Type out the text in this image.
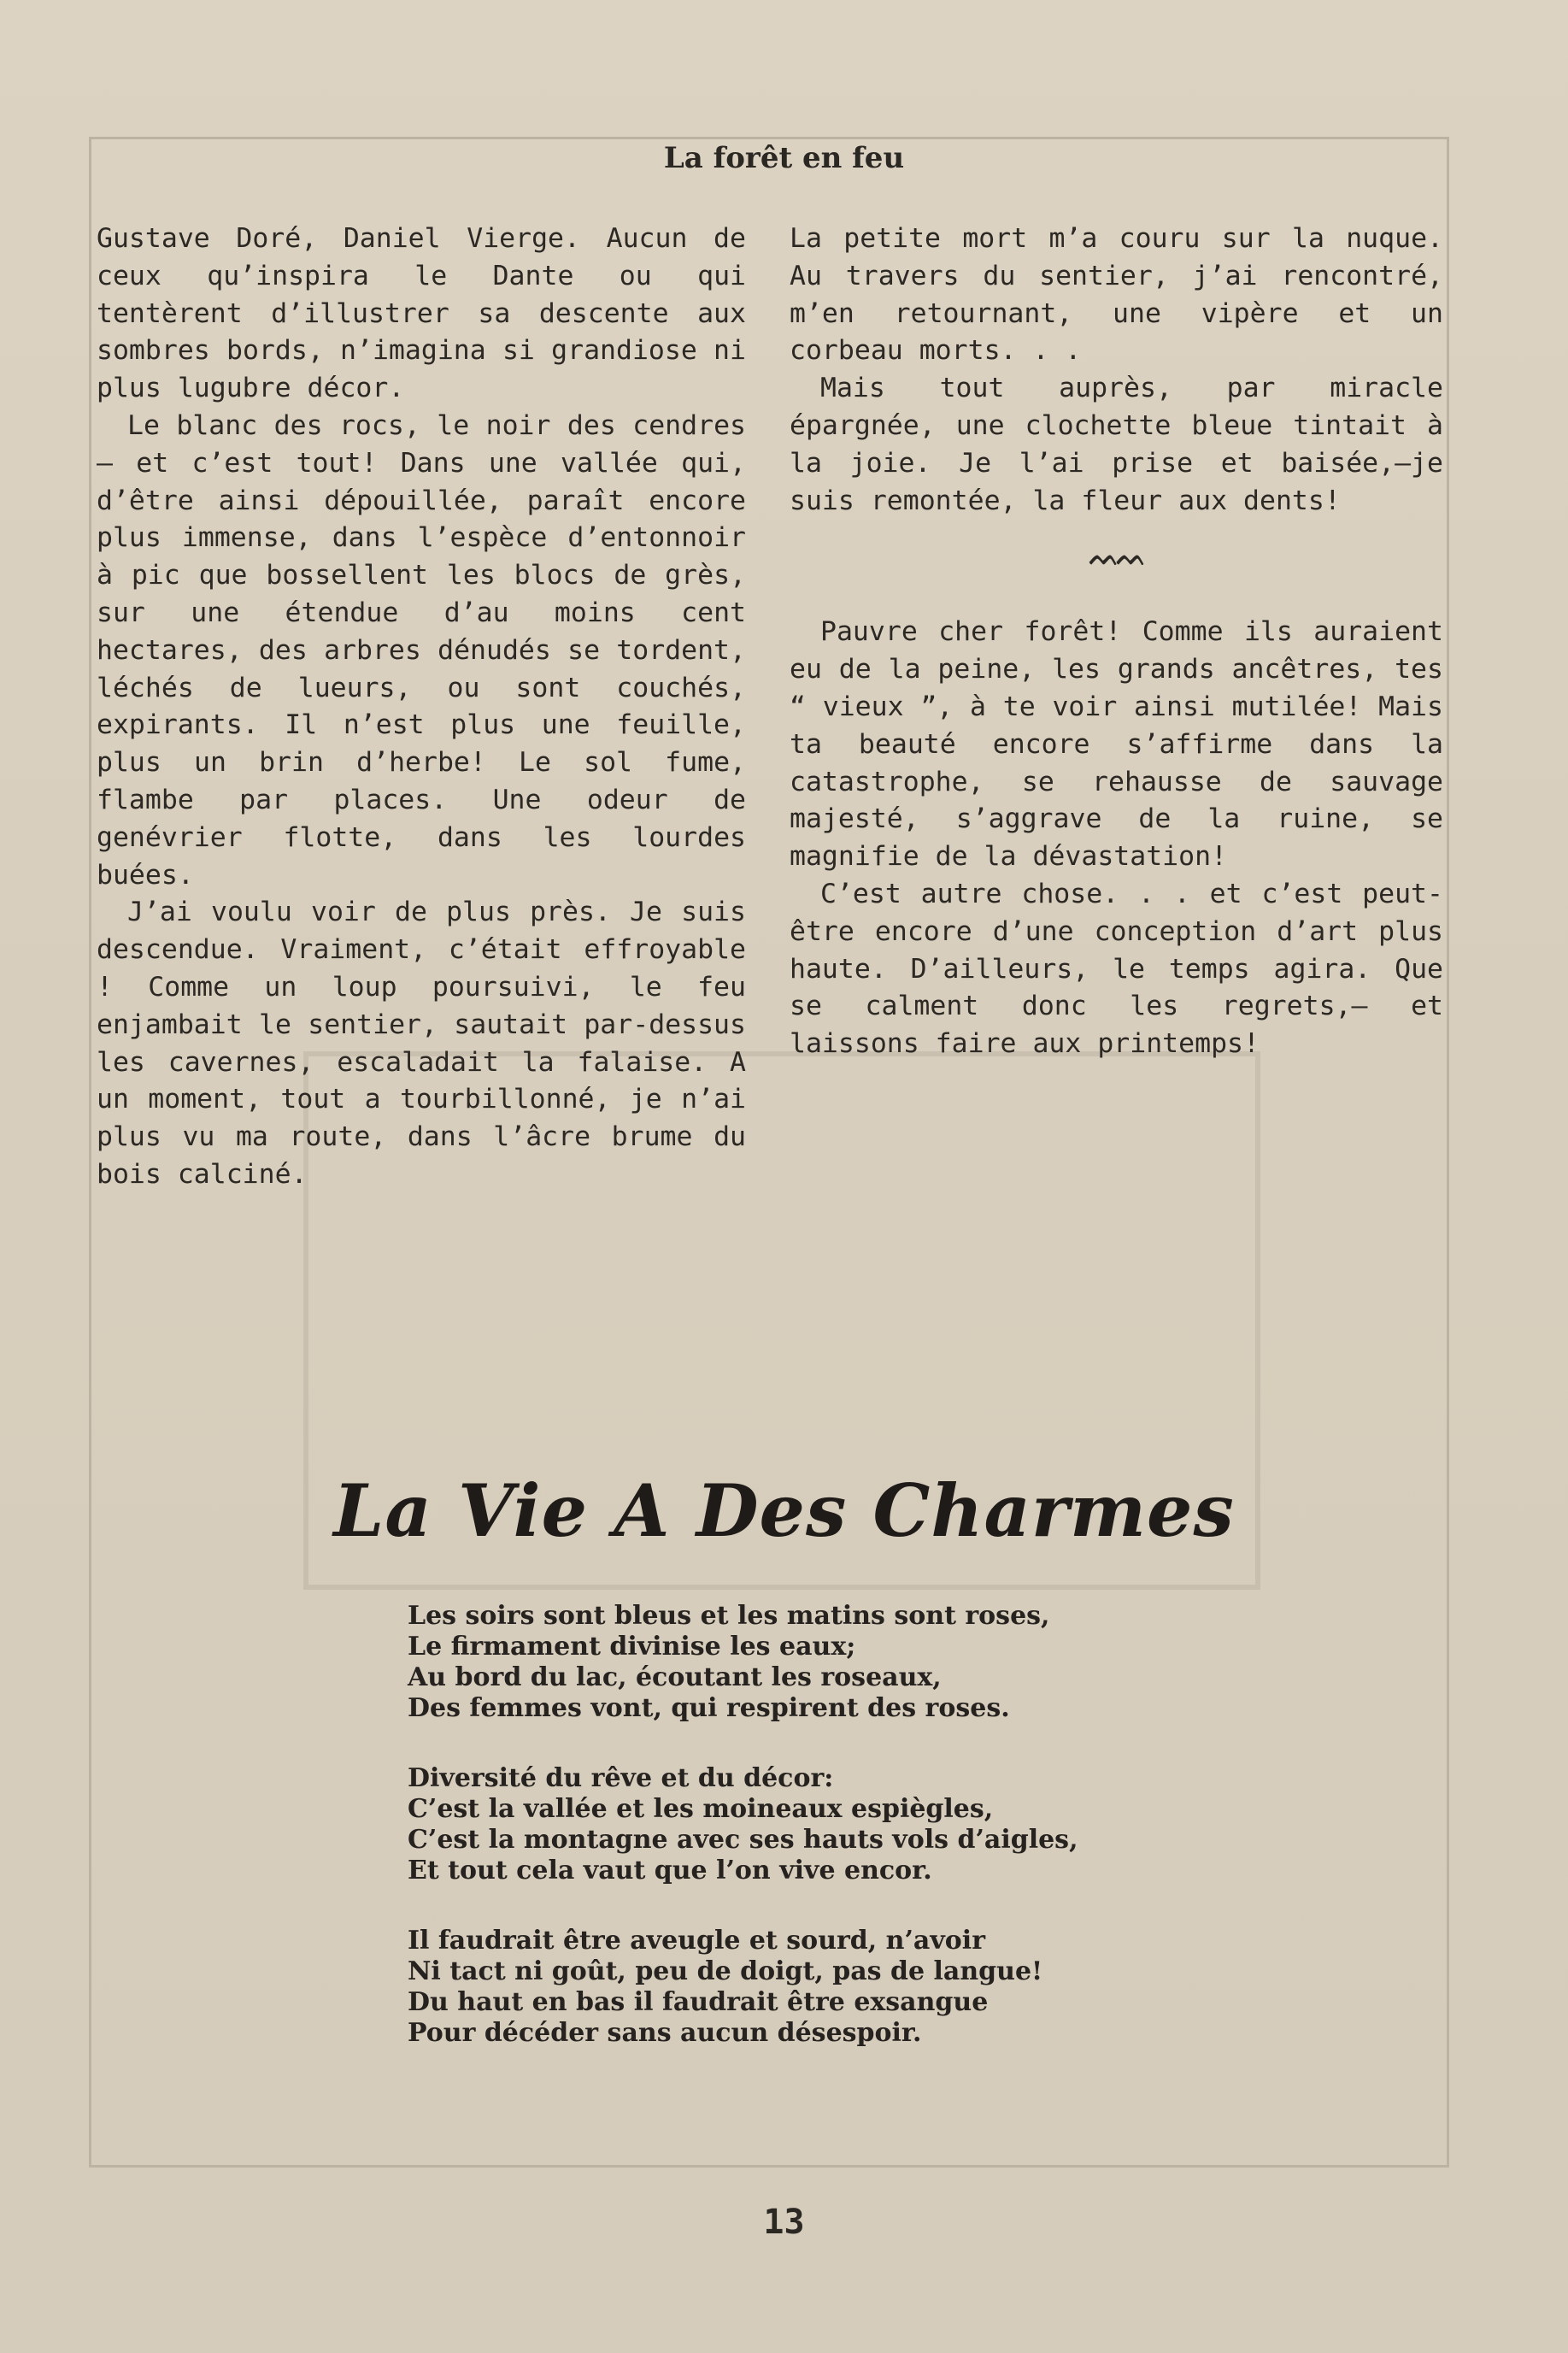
La forêt en feu

Gustave Doré, Daniel Vierge. Aucun de ceux qu’inspira le Dante ou qui tentèrent d’illustrer sa descente aux sombres bords, n’imagina si grandiose ni plus lugubre décor.

Le blanc des rocs, le noir des cendres— et c’est tout! Dans une vallée qui, d’être ainsi dépouillée, paraît encore plus immense, dans l’espèce d’entonnoir à pic que bossellent les blocs de grès, sur une étendue d’au moins cent hectares, des arbres dénudés se tordent, léchés de lueurs, ou sont couchés, expirants. Il n’est plus une feuille, plus un brin d’herbe! Le sol fume, flambe par places. Une odeur de genévrier flotte, dans les lourdes buées.

J’ai voulu voir de plus près. Je suis descendue. Vraiment, c’était effroyable ! Comme un loup poursuivi, le feu enjambait le sentier, sautait par-dessus les cavernes, escaladait la falaise. A un moment, tout a tourbillonné, je n’ai plus vu ma route, dans l’âcre brume du bois calciné.

La petite mort m’a couru sur la nuque. Au travers du sentier, j’ai rencontré, m’en retournant, une vipère et un corbeau morts. . .

Mais tout auprès, par miracle épargnée, une clochette bleue tintait à la joie. Je l’ai prise et baisée,—je suis remontée, la fleur aux dents!

ᨓᨓ

Pauvre cher forêt! Comme ils auraient eu de la peine, les grands ancêtres, tes “ vieux ”, à te voir ainsi mutilée! Mais ta beauté encore s’affirme dans la catastrophe, se rehausse de sauvage majesté, s’aggrave de la ruine, se magnifie de la dévastation!

C’est autre chose. . . et c’est peut-être encore d’une conception d’art plus haute. D’ailleurs, le temps agira. Que se calment donc les regrets,— et laissons faire aux printemps!

La Vie A Des Charmes
Les soirs sont bleus et les matins sont roses,
Le firmament divinise les eaux;
Au bord du lac, écoutant les roseaux,
Des femmes vont, qui respirent des roses.
Diversité du rêve et du décor:
C’est la vallée et les moineaux espiègles,
C’est la montagne avec ses hauts vols d’aigles,
Et tout cela vaut que l’on vive encor.
Il faudrait être aveugle et sourd, n’avoir
Ni tact ni goût, peu de doigt, pas de langue!
Du haut en bas il faudrait être exsangue
Pour décéder sans aucun désespoir.
13
